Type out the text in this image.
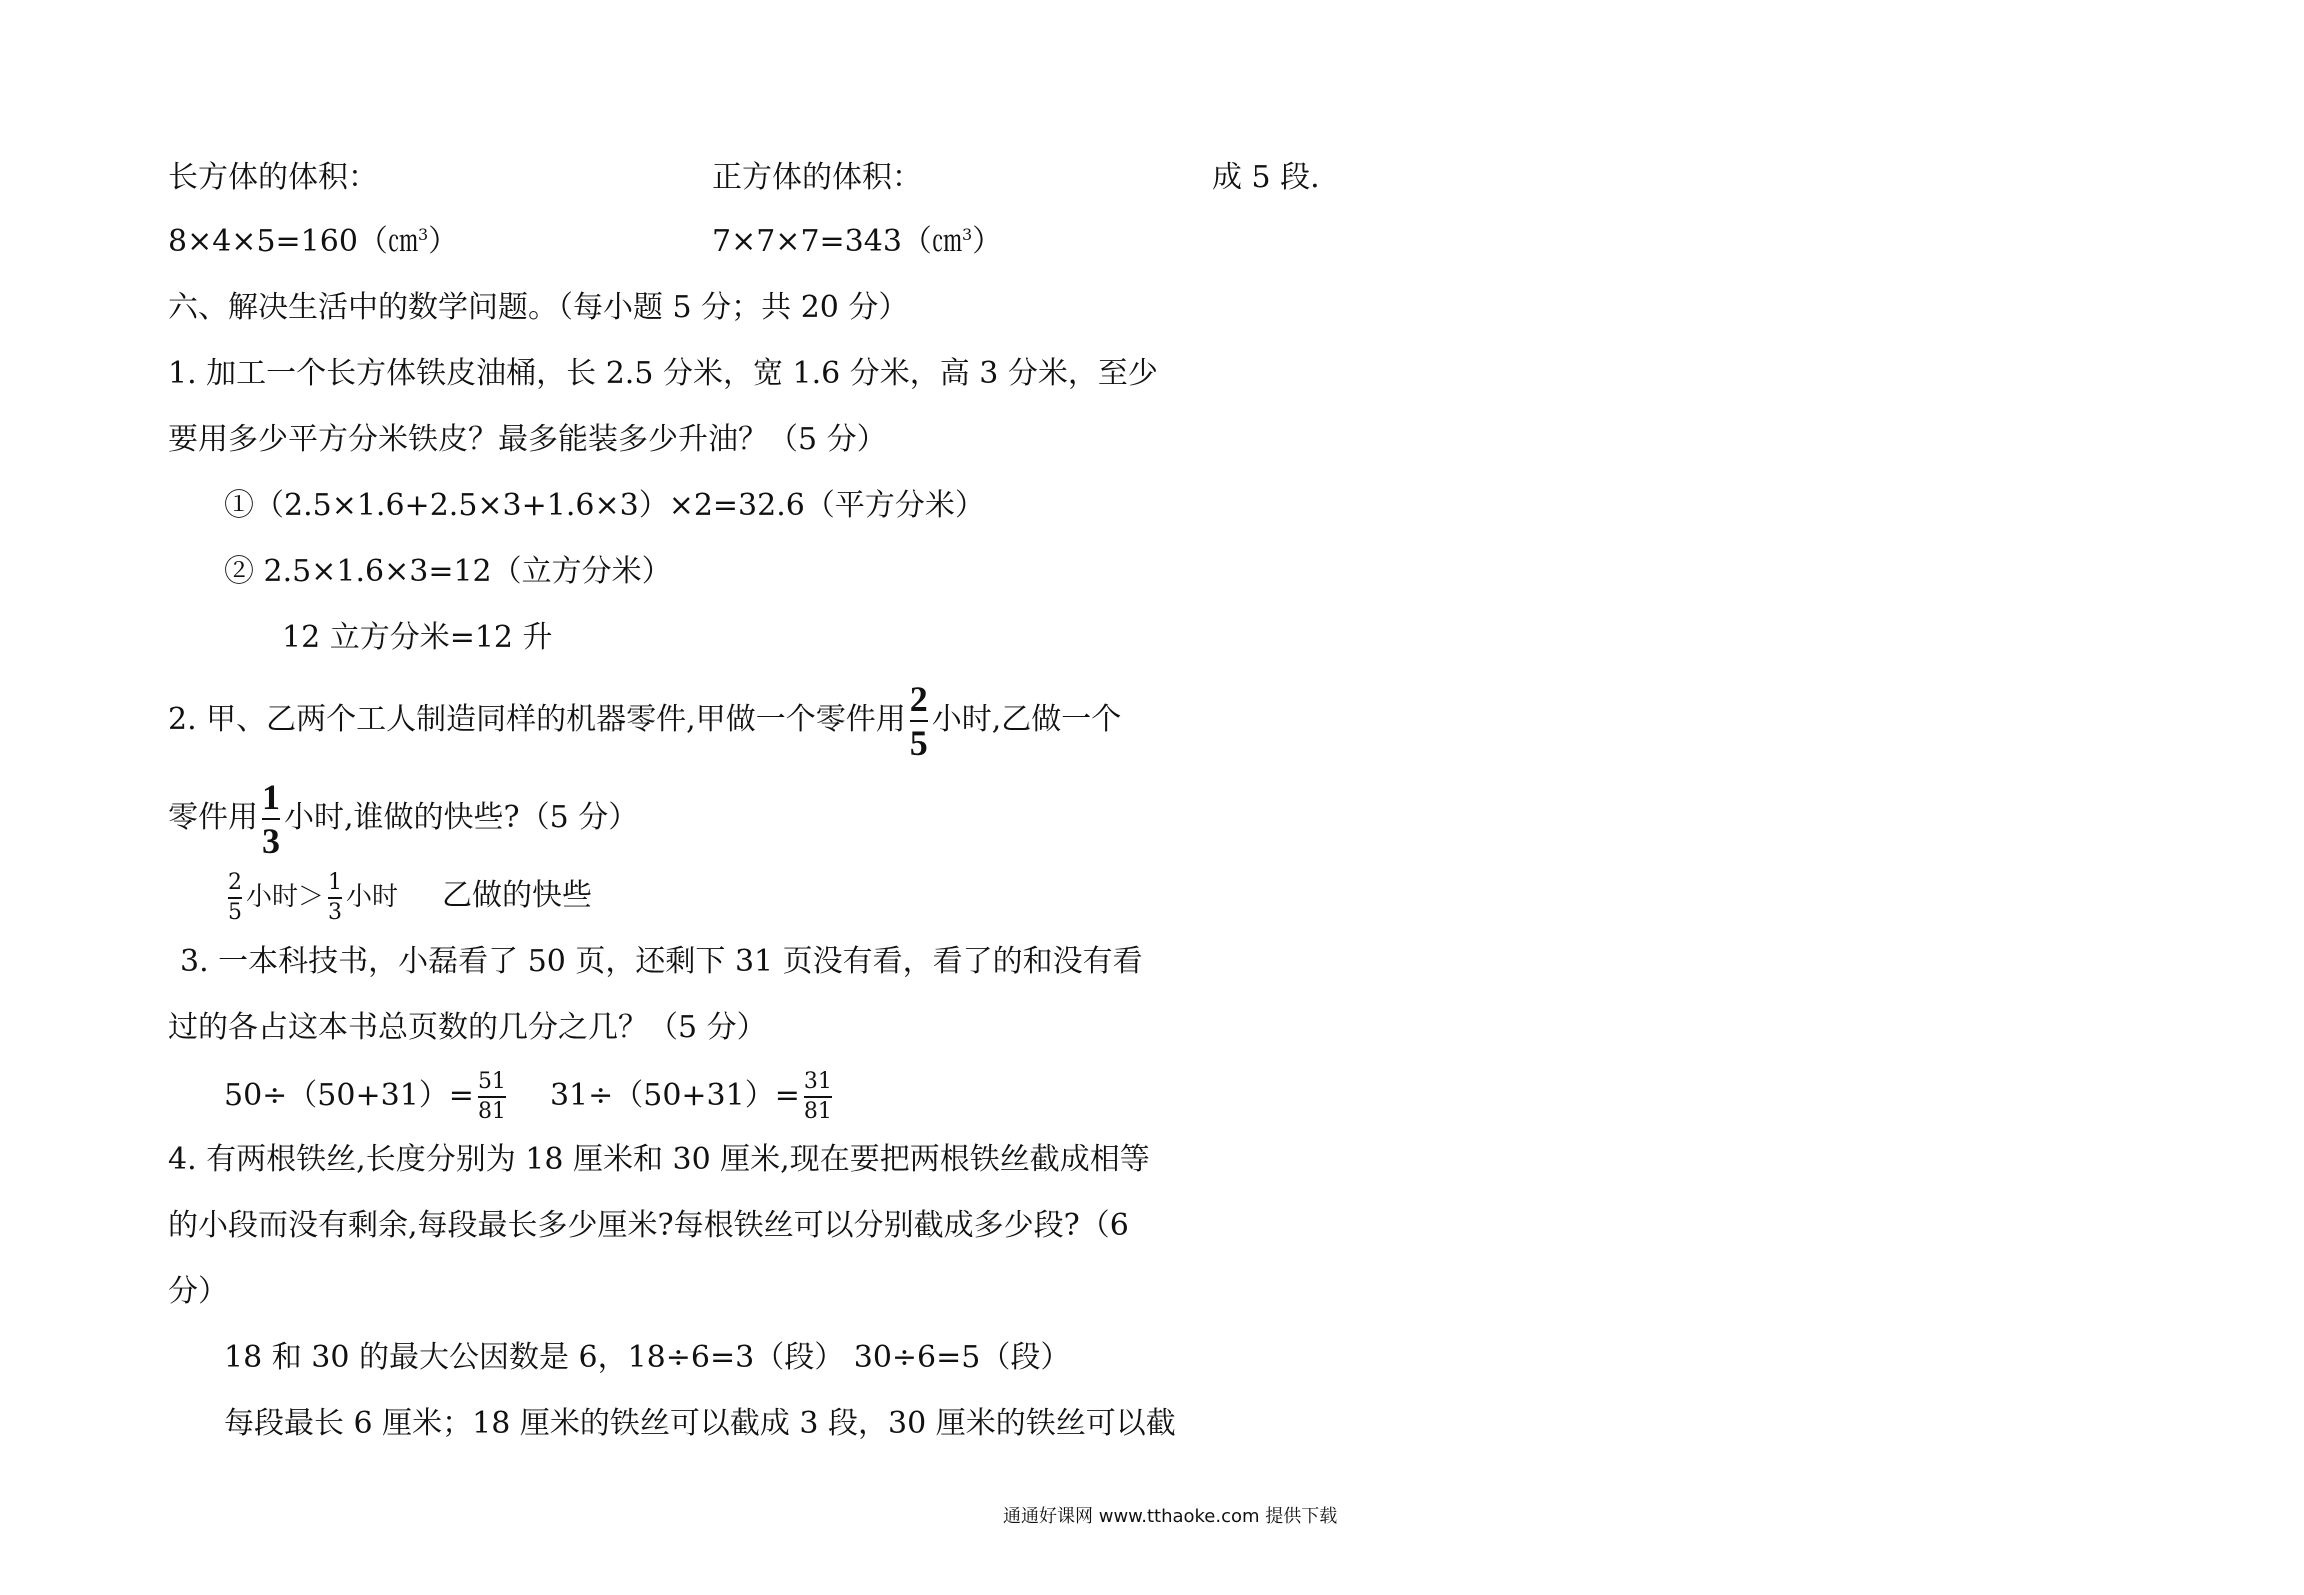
长方体的体积：
8×4×5=160（㎝$^3$）
正方体的体积：
7×7×7=343（㎝$^3$）
成 5 段.
六、解决生活中的数学问题。（每小题 5 分；共 20 分）
1. 加工一个长方体铁皮油桶，长 2.5 分米，宽 1.6 分米，高 3 分米，至少
要用多少平方分米铁皮？最多能装多少升油？（5 分）
①（2.5×1.6+2.5×3+1.6×3）×2=32.6（平方分米）
② 2.5×1.6×3=12（立方分米）
12 立方分米=12 升
2. 甲、乙两个工人制造同样的机器零件,甲做一个零件用 $\frac{2}{5}$ 小时,乙做一个
零件用 $\frac{1}{3}$ 小时,谁做的快些?（5 分）
$\frac{2}{5}$ 小时＞ $\frac{1}{3}$ 小时 乙做的快些
3. 一本科技书，小磊看了 50 页，还剩下 31 页没有看，看了的和没有看
过的各占这本书总页数的几分之几？（5 分）
$50\div(50+31)= \frac{51}{81} 31\div(50+31)= \frac{31}{81}$
4. 有两根铁丝,长度分别为 18 厘米和 30 厘米,现在要把两根铁丝截成相等
的小段而没有剩余,每段最长多少厘米?每根铁丝可以分别截成多少段?（6
分）
18 和 30 的最大公因数是 6，18÷6=3（段） 30÷6=5（段）
每段最长 6 厘米；18 厘米的铁丝可以截成 3 段，30 厘米的铁丝可以截
通通好课网 www.tthaoke.com 提供下载
